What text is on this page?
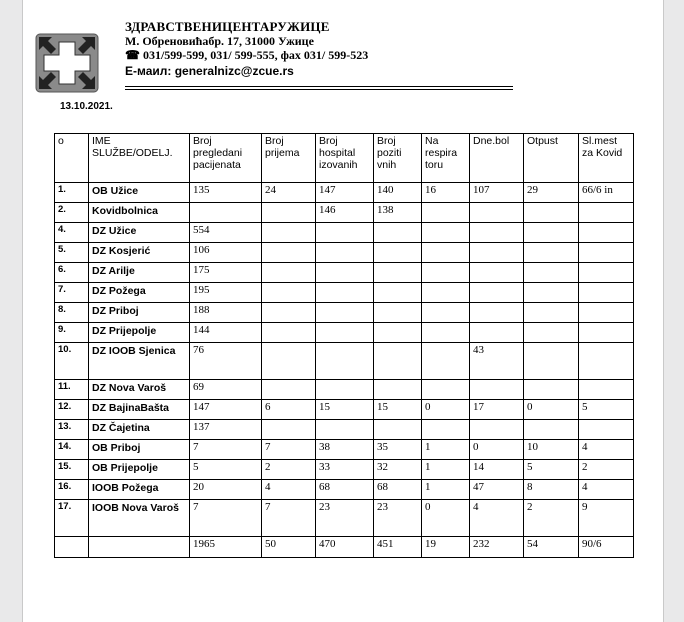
ЗДРАВСТВЕНИЦЕНТАРУЖИЦЕ
М. Обреновићабр. 17, 31000 Ужице
☎ 031/599-599, 031/ 599-555, фах 031/ 599-523
E-маил: generalnizc@zcue.rs
13.10.2021.
o	IME SLUŽBE/ODELJ.	Broj pregledani pacijenata	Broj prijema	Broj hospital izovanih	Broj poziti vnih	Na respira toru	Dne.bol	Otpust	Sl.mest za Kovid
1.	OB Užice	135	24	147	140	16	107	29	66/6 in
2.	Kovidbolnica			146	138				
4.	DZ Užice	554							
5.	DZ Kosjerić	106							
6.	DZ Arilje	175							
7.	DZ Požega	195							
8.	DZ Priboj	188							
9.	DZ Prijepolje	144							
10.	DZ IOOB Sjenica	76					43		
11.	DZ Nova Varoš	69							
12.	DZ BajinaBašta	147	6	15	15	0	17	0	5
13.	DZ Čajetina	137							
14.	OB Priboj	7	7	38	35	1	0	10	4
15.	OB Prijepolje	5	2	33	32	1	14	5	2
16.	IOOB Požega	20	4	68	68	1	47	8	4
17.	IOOB Nova Varoš	7	7	23	23	0	4	2	9
		1965	50	470	451	19	232	54	90/6
